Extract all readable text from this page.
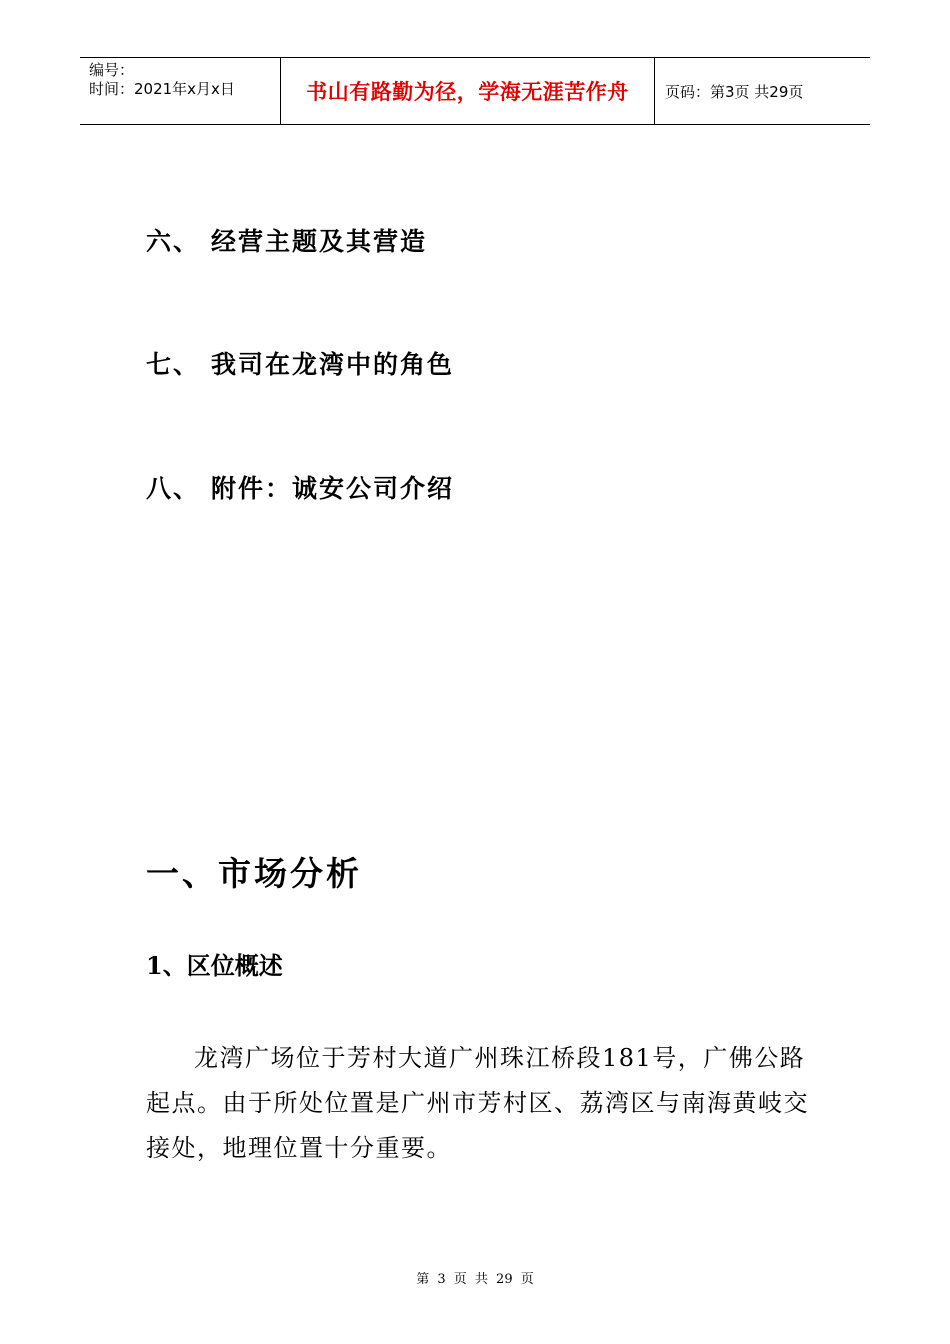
编号：
时间：2021年x月x日	书山有路勤为径，学海无涯苦作舟 页码：第3页 共29页
六、 经营主题及其营造
七、 我司在龙湾中的角色
八、 附件：诚安公司介绍
一、市场分析
1、区位概述

龙湾广场位于芳村大道广州珠江桥段181号，广佛公路起点。由于所处位置是广州市芳村区、荔湾区与南海黄岐交接处，地理位置十分重要。

第 3 页 共 29 页
